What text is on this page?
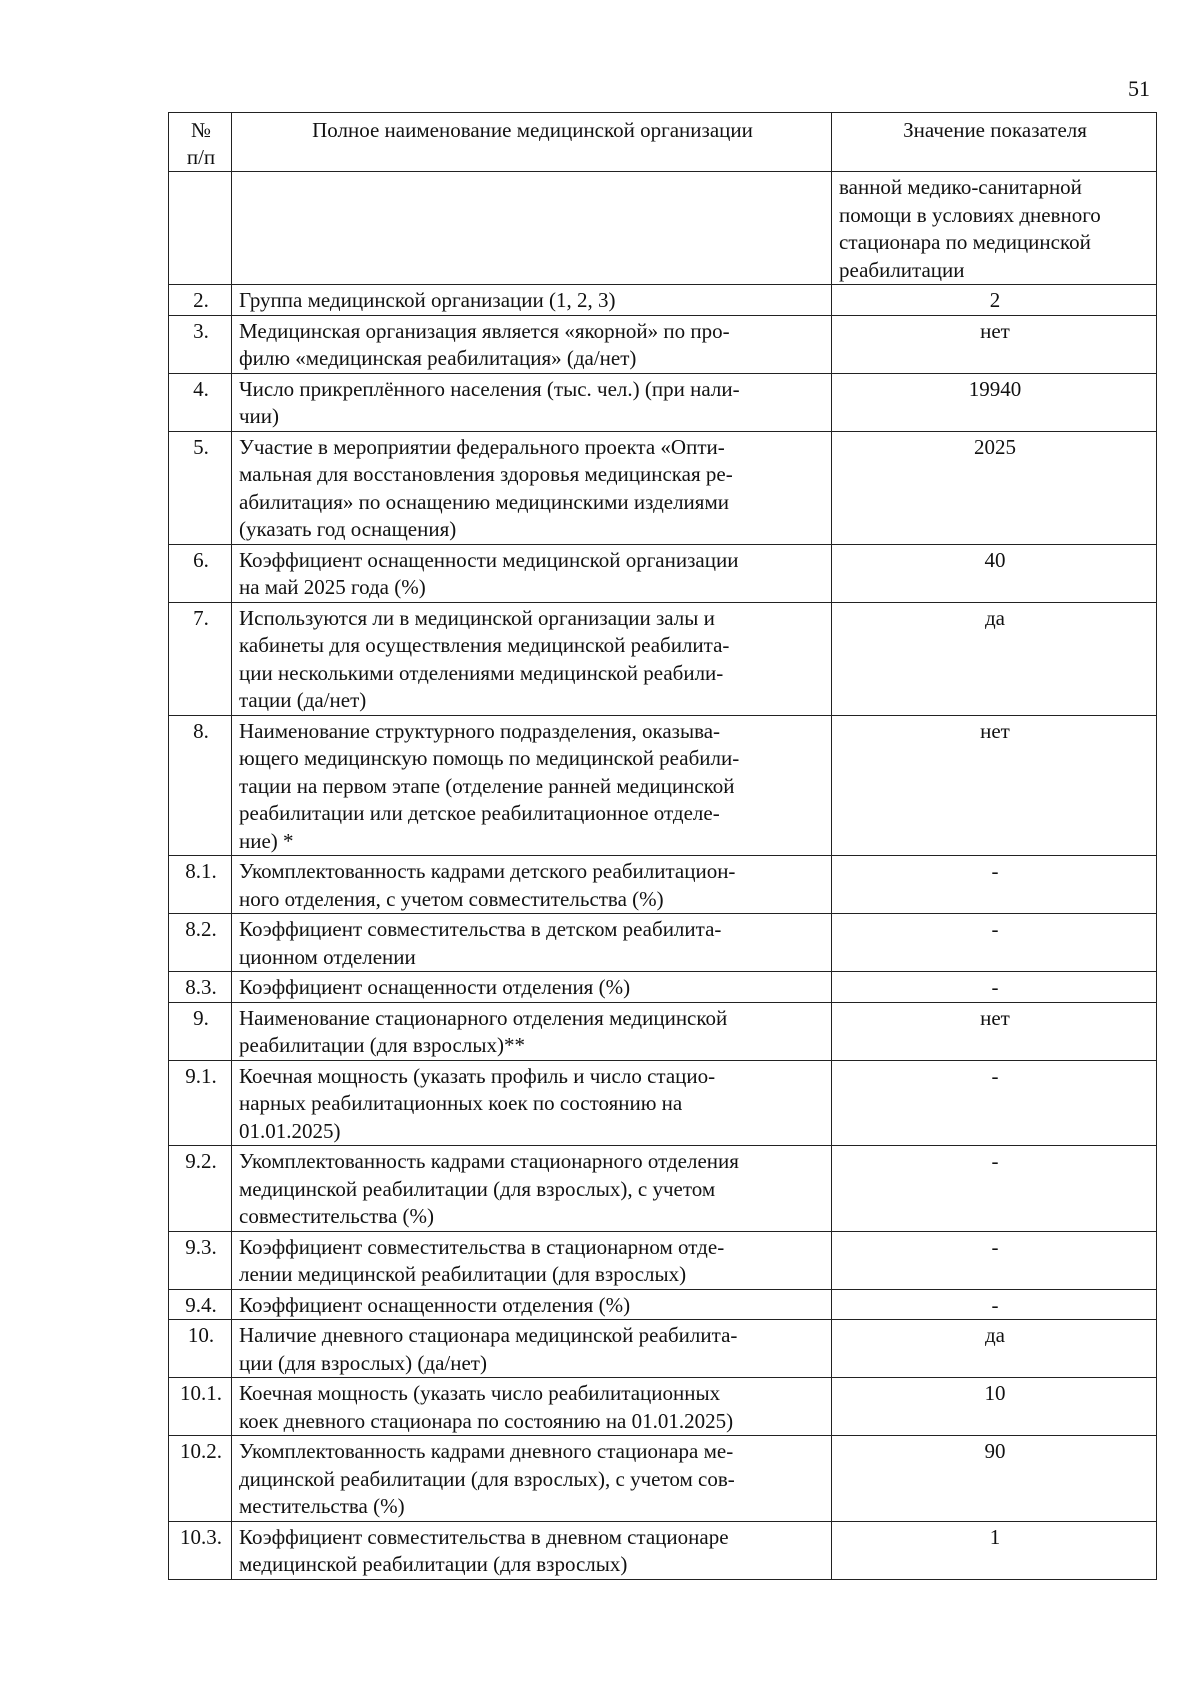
51
№
п/п	Полное наименование медицинской организации	Значение показателя
		ванной медико-санитарной
помощи в условиях дневного
стационара по медицинской
реабилитации
2.	Группа медицинской организации (1, 2, 3)	2
3.	Медицинская организация является «якорной» по про-
филю «медицинская реабилитация» (да/нет)	нет
4.	Число прикреплённого населения (тыс. чел.) (при нали-
чии)	19940
5.	Участие в мероприятии федерального проекта «Опти-
мальная для восстановления здоровья медицинская ре-
абилитация» по оснащению медицинскими изделиями
(указать год оснащения)	2025
6.	Коэффициент оснащенности медицинской организации
на май 2025 года (%)	40
7.	Используются ли в медицинской организации залы и
кабинеты для осуществления медицинской реабилита-
ции несколькими отделениями медицинской реабили-
тации (да/нет)	да
8.	Наименование структурного подразделения, оказыва-
ющего медицинскую помощь по медицинской реабили-
тации на первом этапе (отделение ранней медицинской
реабилитации или детское реабилитационное отделе-
ние) *	нет
8.1.	Укомплектованность кадрами детского реабилитацион-
ного отделения, с учетом совместительства (%)	-
8.2.	Коэффициент совместительства в детском реабилита-
ционном отделении	-
8.3.	Коэффициент оснащенности отделения (%)	-
9.	Наименование стационарного отделения медицинской
реабилитации (для взрослых)**	нет
9.1.	Коечная мощность (указать профиль и число стацио-
нарных реабилитационных коек по состоянию на
01.01.2025)	-
9.2.	Укомплектованность кадрами стационарного отделения
медицинской реабилитации (для взрослых), с учетом
совместительства (%)	-
9.3.	Коэффициент совместительства в стационарном отде-
лении медицинской реабилитации (для взрослых)	-
9.4.	Коэффициент оснащенности отделения (%)	-
10.	Наличие дневного стационара медицинской реабилита-
ции (для взрослых) (да/нет)	да
10.1.	Коечная мощность (указать число реабилитационных
коек дневного стационара по состоянию на 01.01.2025)	10
10.2.	Укомплектованность кадрами дневного стационара ме-
дицинской реабилитации (для взрослых), с учетом сов-
местительства (%)	90
10.3.	Коэффициент совместительства в дневном стационаре
медицинской реабилитации (для взрослых)	1
